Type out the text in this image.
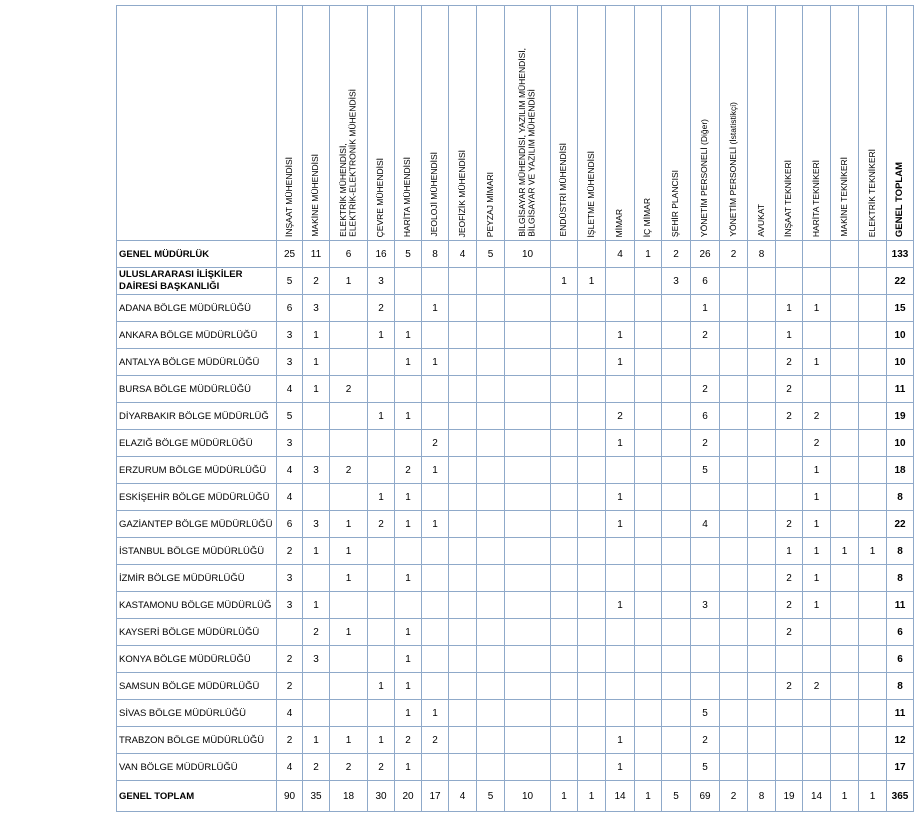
	İNŞAAT MÜHENDİSİ	MAKİNE MÜHENDİSİ	ELEKTRİK MÜHENDİSİ,
ELEKTRİK-ELEKTRONİK MÜHENDİSİ	ÇEVRE MÜHENDİSİ	HARİTA MÜHENDİSİ	JEOLOJİ MÜHENDİSİ	JEOFİZİK MÜHENDİSİ	PEYZAJ MİMARI	BİLGİSAYAR MÜHENDİSİ, YAZILIM MÜHENDİSİ,
BİLGİSAYAR VE YAZILIM MÜHENDİSİ	ENDÜSTRİ MÜHENDİSİ	İŞLETME MÜHENDİSİ	MİMAR	İÇ MİMAR	ŞEHİR PLANCISI	YÖNETİM PERSONELİ (Diğer)	YÖNETİM PERSONELİ (İstatistikçi)	AVUKAT	İNŞAAT TEKNİKERİ	HARİTA TEKNİKERİ	MAKİNE TEKNİKERİ	ELEKTRİK TEKNİKERİ	GENEL TOPLAM

GENEL MÜDÜRLÜK	25	11	6	16	5	8	4	5	10			4	1	2	26	2	8					133
ULUSLARARASI İLİŞKİLER
DAİRESİ BAŞKANLIĞI	5	2	1	3						1	1			3	6							22
ADANA BÖLGE MÜDÜRLÜĞÜ	6	3		2		1									1			1	1			15
ANKARA BÖLGE MÜDÜRLÜĞÜ	3	1		1	1							1			2			1				10
ANTALYA BÖLGE MÜDÜRLÜĞÜ	3	1			1	1						1						2	1			10
BURSA BÖLGE MÜDÜRLÜĞÜ	4	1	2												2			2				11
DİYARBAKIR BÖLGE MÜDÜRLÜĞ	5			1	1							2			6			2	2			19
ELAZIĞ BÖLGE MÜDÜRLÜĞÜ	3					2						1			2				2			10
ERZURUM BÖLGE MÜDÜRLÜĞÜ	4	3	2		2	1									5				1			18
ESKİŞEHİR BÖLGE MÜDÜRLÜĞÜ	4			1	1							1							1			8
GAZİANTEP BÖLGE MÜDÜRLÜĞÜ	6	3	1	2	1	1						1			4			2	1			22
İSTANBUL BÖLGE MÜDÜRLÜĞÜ	2	1	1															1	1	1	1	8
İZMİR BÖLGE MÜDÜRLÜĞÜ	3		1		1													2	1			8
KASTAMONU BÖLGE MÜDÜRLÜĞ	3	1										1			3			2	1			11
KAYSERİ BÖLGE MÜDÜRLÜĞÜ		2	1		1													2				6
KONYA BÖLGE MÜDÜRLÜĞÜ	2	3			1																	6
SAMSUN BÖLGE MÜDÜRLÜĞÜ	2			1	1													2	2			8
SİVAS BÖLGE MÜDÜRLÜĞÜ	4				1	1									5							11
TRABZON BÖLGE MÜDÜRLÜĞÜ	2	1	1	1	2	2						1			2							12
VAN BÖLGE MÜDÜRLÜĞÜ	4	2	2	2	1							1			5							17
GENEL TOPLAM	90	35	18	30	20	17	4	5	10	1	1	14	1	5	69	2	8	19	14	1	1	365
